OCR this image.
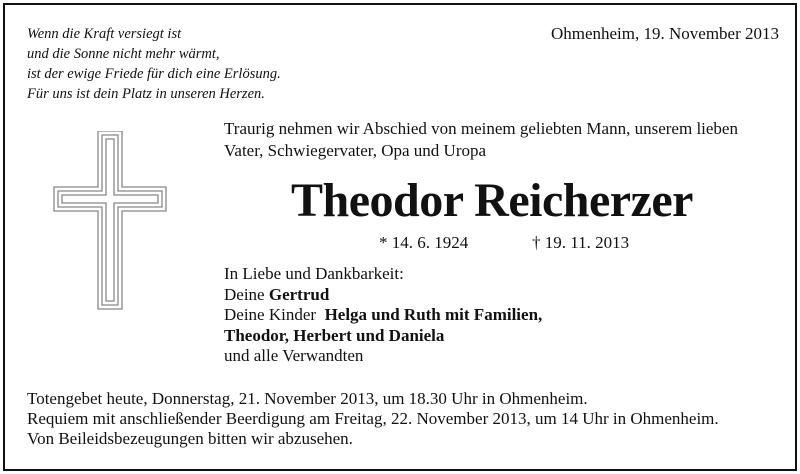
Wenn die Kraft versiegt ist
und die Sonne nicht mehr wärmt,
ist der ewige Friede für dich eine Erlösung.
Für uns ist dein Platz in unseren Herzen.
Ohmenheim, 19. November 2013
Traurig nehmen wir Abschied von meinem geliebten Mann, unserem lieben
Vater, Schwiegervater, Opa und Uropa
Theodor Reicherzer
* 14. 6. 1924	† 19. 11. 2013
In Liebe und Dankbarkeit:
Deine Gertrud
Deine Kinder  Helga und Ruth mit Familien,
Theodor, Herbert und Daniela
und alle Verwandten
Totengebet heute, Donnerstag, 21. November 2013, um 18.30 Uhr in Ohmenheim.
Requiem mit anschließender Beerdigung am Freitag, 22. November 2013, um 14 Uhr in Ohmenheim.
Von Beileidsbezeugungen bitten wir abzusehen.
